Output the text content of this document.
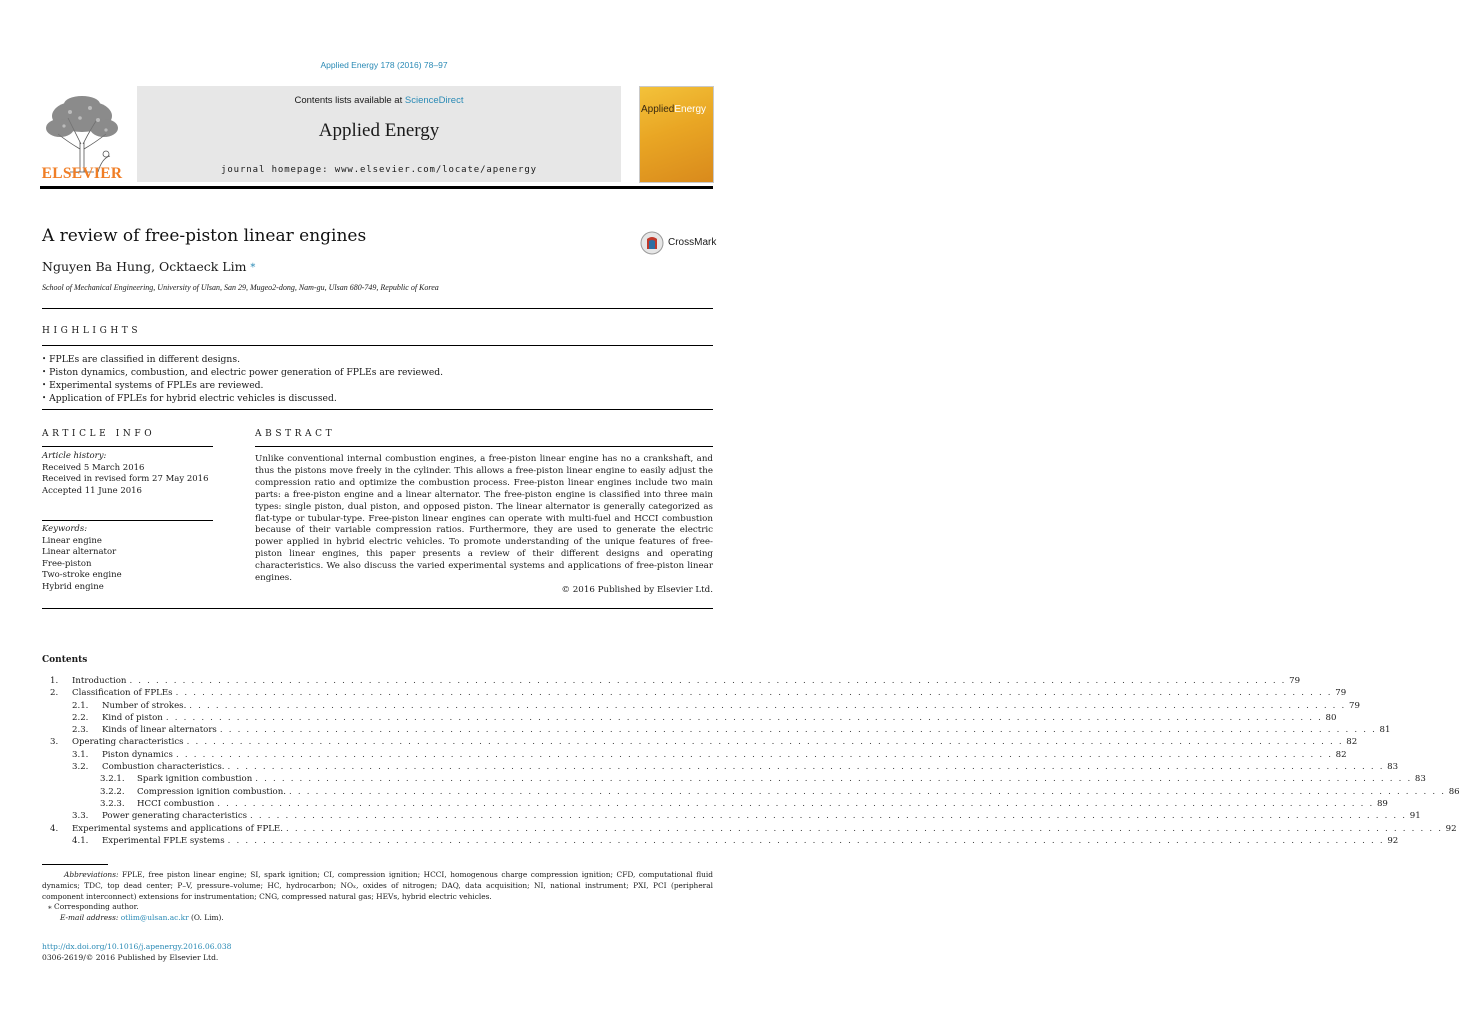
Applied Energy 178 (2016) 78–97
ELSEVIER
Contents lists available at ScienceDirect
Applied Energy
journal homepage: www.elsevier.com/locate/apenergy
AppliedEnergy
A review of free-piston linear engines	CrossMark
Nguyen Ba Hung, Ocktaeck Lim ⁎
School of Mechanical Engineering, University of Ulsan, San 29, Mugeo2-dong, Nam-gu, Ulsan 680-749, Republic of Korea
HIGHLIGHTS
• FPLEs are classified in different designs.
• Piston dynamics, combustion, and electric power generation of FPLEs are reviewed.
• Experimental systems of FPLEs are reviewed.
• Application of FPLEs for hybrid electric vehicles is discussed.
ARTICLE INFO
Article history:
Received 5 March 2016
Received in revised form 27 May 2016
Accepted 11 June 2016
Keywords:
Linear engine
Linear alternator
Free-piston
Two-stroke engine
Hybrid engine
ABSTRACT
Unlike conventional internal combustion engines, a free-piston linear engine has no a crankshaft, and thus the pistons move freely in the cylinder. This allows a free-piston linear engine to easily adjust the compression ratio and optimize the combustion process. Free-piston linear engines include two main parts: a free-piston engine and a linear alternator. The free-piston engine is classified into three main types: single piston, dual piston, and opposed piston. The linear alternator is generally categorized as flat-type or tubular-type. Free-piston linear engines can operate with multi-fuel and HCCI combustion because of their variable compression ratios. Furthermore, they are used to generate the electric power applied in hybrid electric vehicles. To promote understanding of the unique features of free-piston linear engines, this paper presents a review of their different designs and operating characteristics. We also discuss the varied experimental systems and applications of free-piston linear engines.
© 2016 Published by Elsevier Ltd.
Contents
1.	Introduction . . . . . . . . . . . . . . . . . . . . . . . . . . . . . . . . . . . . . . . . . . . . . . . . . . . . . . . . . . . . . . . . . . . . . . . . . . . . . . . . . . . . . . . . . . . . . . . . . . . . . . . . . . . . . . . . . . . . . . . . . . . . . . . . . . . 79
2.	Classification of FPLEs . . . . . . . . . . . . . . . . . . . . . . . . . . . . . . . . . . . . . . . . . . . . . . . . . . . . . . . . . . . . . . . . . . . . . . . . . . . . . . . . . . . . . . . . . . . . . . . . . . . . . . . . . . . . . . . . . . . . . . . . . . . . . . . . . . . 79
2.1.	Number of strokes. . . . . . . . . . . . . . . . . . . . . . . . . . . . . . . . . . . . . . . . . . . . . . . . . . . . . . . . . . . . . . . . . . . . . . . . . . . . . . . . . . . . . . . . . . . . . . . . . . . . . . . . . . . . . . . . . . . . . . . . . . . . . . . . . . . . 79
2.2.	Kind of piston . . . . . . . . . . . . . . . . . . . . . . . . . . . . . . . . . . . . . . . . . . . . . . . . . . . . . . . . . . . . . . . . . . . . . . . . . . . . . . . . . . . . . . . . . . . . . . . . . . . . . . . . . . . . . . . . . . . . . . . . . . . . . . . . . . . 80
2.3.	Kinds of linear alternators . . . . . . . . . . . . . . . . . . . . . . . . . . . . . . . . . . . . . . . . . . . . . . . . . . . . . . . . . . . . . . . . . . . . . . . . . . . . . . . . . . . . . . . . . . . . . . . . . . . . . . . . . . . . . . . . . . . . . . . . . . . . . . . . . . . 81
3.	Operating characteristics . . . . . . . . . . . . . . . . . . . . . . . . . . . . . . . . . . . . . . . . . . . . . . . . . . . . . . . . . . . . . . . . . . . . . . . . . . . . . . . . . . . . . . . . . . . . . . . . . . . . . . . . . . . . . . . . . . . . . . . . . . . . . . . . . . . 82
3.1.	Piston dynamics . . . . . . . . . . . . . . . . . . . . . . . . . . . . . . . . . . . . . . . . . . . . . . . . . . . . . . . . . . . . . . . . . . . . . . . . . . . . . . . . . . . . . . . . . . . . . . . . . . . . . . . . . . . . . . . . . . . . . . . . . . . . . . . . . . . 82
3.2.	Combustion characteristics. . . . . . . . . . . . . . . . . . . . . . . . . . . . . . . . . . . . . . . . . . . . . . . . . . . . . . . . . . . . . . . . . . . . . . . . . . . . . . . . . . . . . . . . . . . . . . . . . . . . . . . . . . . . . . . . . . . . . . . . . . . . . . . . . . . . 83
3.2.1.	Spark ignition combustion . . . . . . . . . . . . . . . . . . . . . . . . . . . . . . . . . . . . . . . . . . . . . . . . . . . . . . . . . . . . . . . . . . . . . . . . . . . . . . . . . . . . . . . . . . . . . . . . . . . . . . . . . . . . . . . . . . . . . . . . . . . . . . . . . . . 83
3.2.2.	Compression ignition combustion. . . . . . . . . . . . . . . . . . . . . . . . . . . . . . . . . . . . . . . . . . . . . . . . . . . . . . . . . . . . . . . . . . . . . . . . . . . . . . . . . . . . . . . . . . . . . . . . . . . . . . . . . . . . . . . . . . . . . . . . . . . . . . . . . . . . 86
3.2.3.	HCCI combustion . . . . . . . . . . . . . . . . . . . . . . . . . . . . . . . . . . . . . . . . . . . . . . . . . . . . . . . . . . . . . . . . . . . . . . . . . . . . . . . . . . . . . . . . . . . . . . . . . . . . . . . . . . . . . . . . . . . . . . . . . . . . . . . . . . . 89
3.3.	Power generating characteristics . . . . . . . . . . . . . . . . . . . . . . . . . . . . . . . . . . . . . . . . . . . . . . . . . . . . . . . . . . . . . . . . . . . . . . . . . . . . . . . . . . . . . . . . . . . . . . . . . . . . . . . . . . . . . . . . . . . . . . . . . . . . . . . . . . . 91
4.	Experimental systems and applications of FPLE. . . . . . . . . . . . . . . . . . . . . . . . . . . . . . . . . . . . . . . . . . . . . . . . . . . . . . . . . . . . . . . . . . . . . . . . . . . . . . . . . . . . . . . . . . . . . . . . . . . . . . . . . . . . . . . . . . . . . . . . . . . . . . . . . . . . 92
4.1.	Experimental FPLE systems . . . . . . . . . . . . . . . . . . . . . . . . . . . . . . . . . . . . . . . . . . . . . . . . . . . . . . . . . . . . . . . . . . . . . . . . . . . . . . . . . . . . . . . . . . . . . . . . . . . . . . . . . . . . . . . . . . . . . . . . . . . . . . . . . . . 92
Abbreviations: FPLE, free piston linear engine; SI, spark ignition; CI, compression ignition; HCCI, homogenous charge compression ignition; CFD, computational fluid dynamics; TDC, top dead center; P–V, pressure–volume; HC, hydrocarbon; NOₓ, oxides of nitrogen; DAQ, data acquisition; NI, national instrument; PXI, PCI (peripheral component interconnect) extensions for instrumentation; CNG, compressed natural gas; HEVs, hybrid electric vehicles.
⁎ Corresponding author.
E-mail address: otlim@ulsan.ac.kr (O. Lim).
http://dx.doi.org/10.1016/j.apenergy.2016.06.038
0306-2619/© 2016 Published by Elsevier Ltd.
